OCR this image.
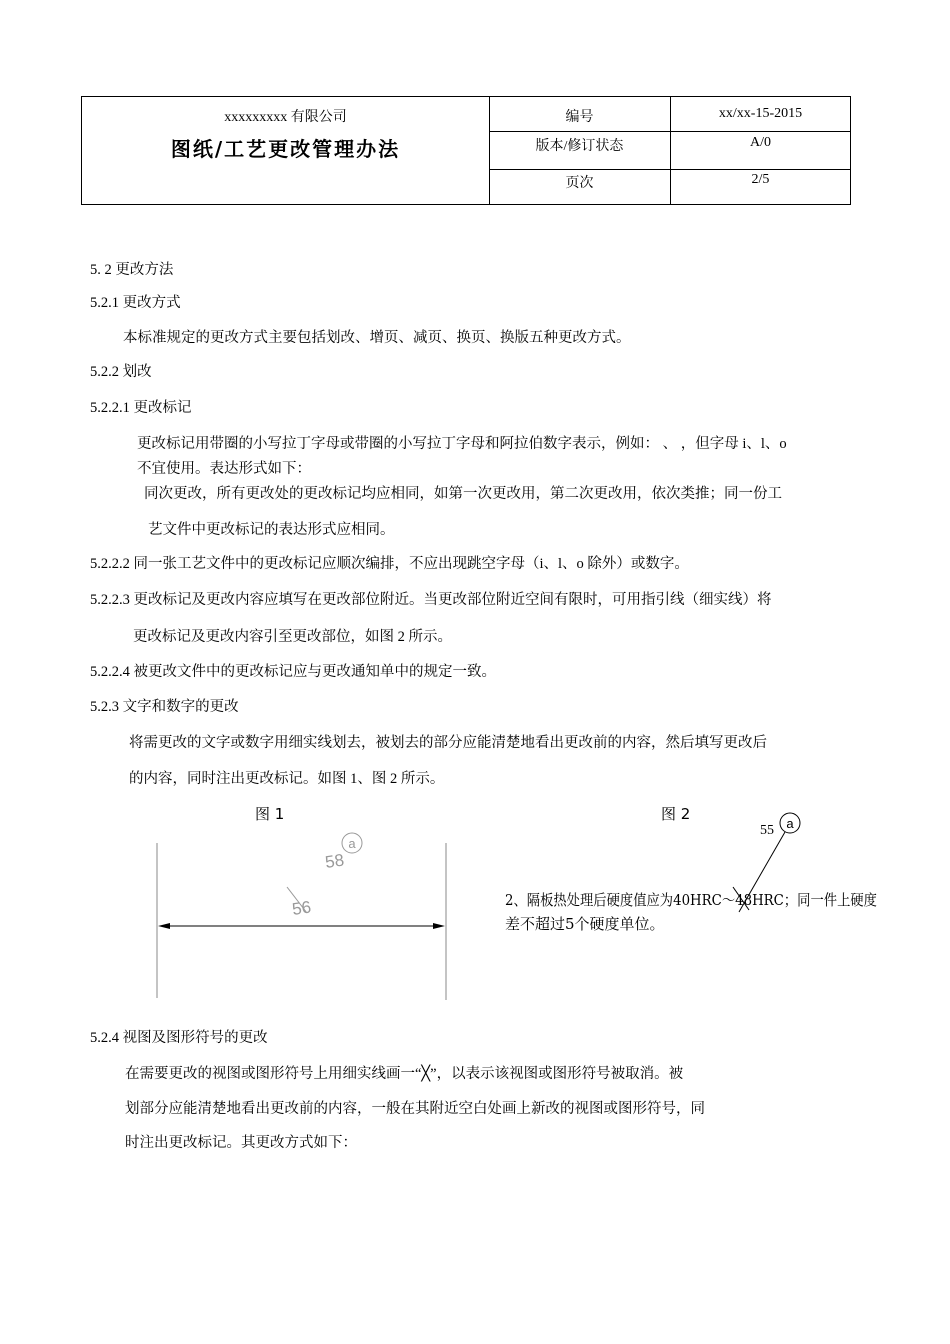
xxxxxxxxx 有限公司
图纸/工艺更改管理办法
编号	xx/xx-15-2015
版本/修订状态	A/0
页次	2/5
5. 2 更改方法
5.2.1 更改方式
本标准规定的更改方式主要包括划改、增页、减页、换页、换版五种更改方式。
5.2.2 划改
5.2.2.1 更改标记
更改标记用带圈的小写拉丁字母或带圈的小写拉丁字母和阿拉伯数字表示，例如： 、 ，但字母 i、l、o
不宜使用。表达形式如下：
同次更改，所有更改处的更改标记均应相同，如第一次更改用，第二次更改用，依次类推；同一份工
艺文件中更改标记的表达形式应相同。
5.2.2.2 同一张工艺文件中的更改标记应顺次编排，不应出现跳空字母（i、l、o 除外）或数字。
5.2.2.3 更改标记及更改内容应填写在更改部位附近。当更改部位附近空间有限时，可用指引线（细实线）将
更改标记及更改内容引至更改部位，如图 2 所示。
5.2.2.4 被更改文件中的更改标记应与更改通知单中的规定一致。
5.2.3 文字和数字的更改
将需更改的文字或数字用细实线划去，被划去的部分应能清楚地看出更改前的内容，然后填写更改后
的内容，同时注出更改标记。如图 1、图 2 所示。
图 1	图 2
58
a
56
55 a
2、隔板热处理后硬度值应为40HRC～48HRC；同一件上硬度
差不超过5个硬度单位。
5.2.4 视图及图形符号的更改
在需要更改的视图或图形符号上用细实线画一“╳”，以表示该视图或图形符号被取消。被
划部分应能清楚地看出更改前的内容，一般在其附近空白处画上新改的视图或图形符号，同
时注出更改标记。其更改方式如下：
